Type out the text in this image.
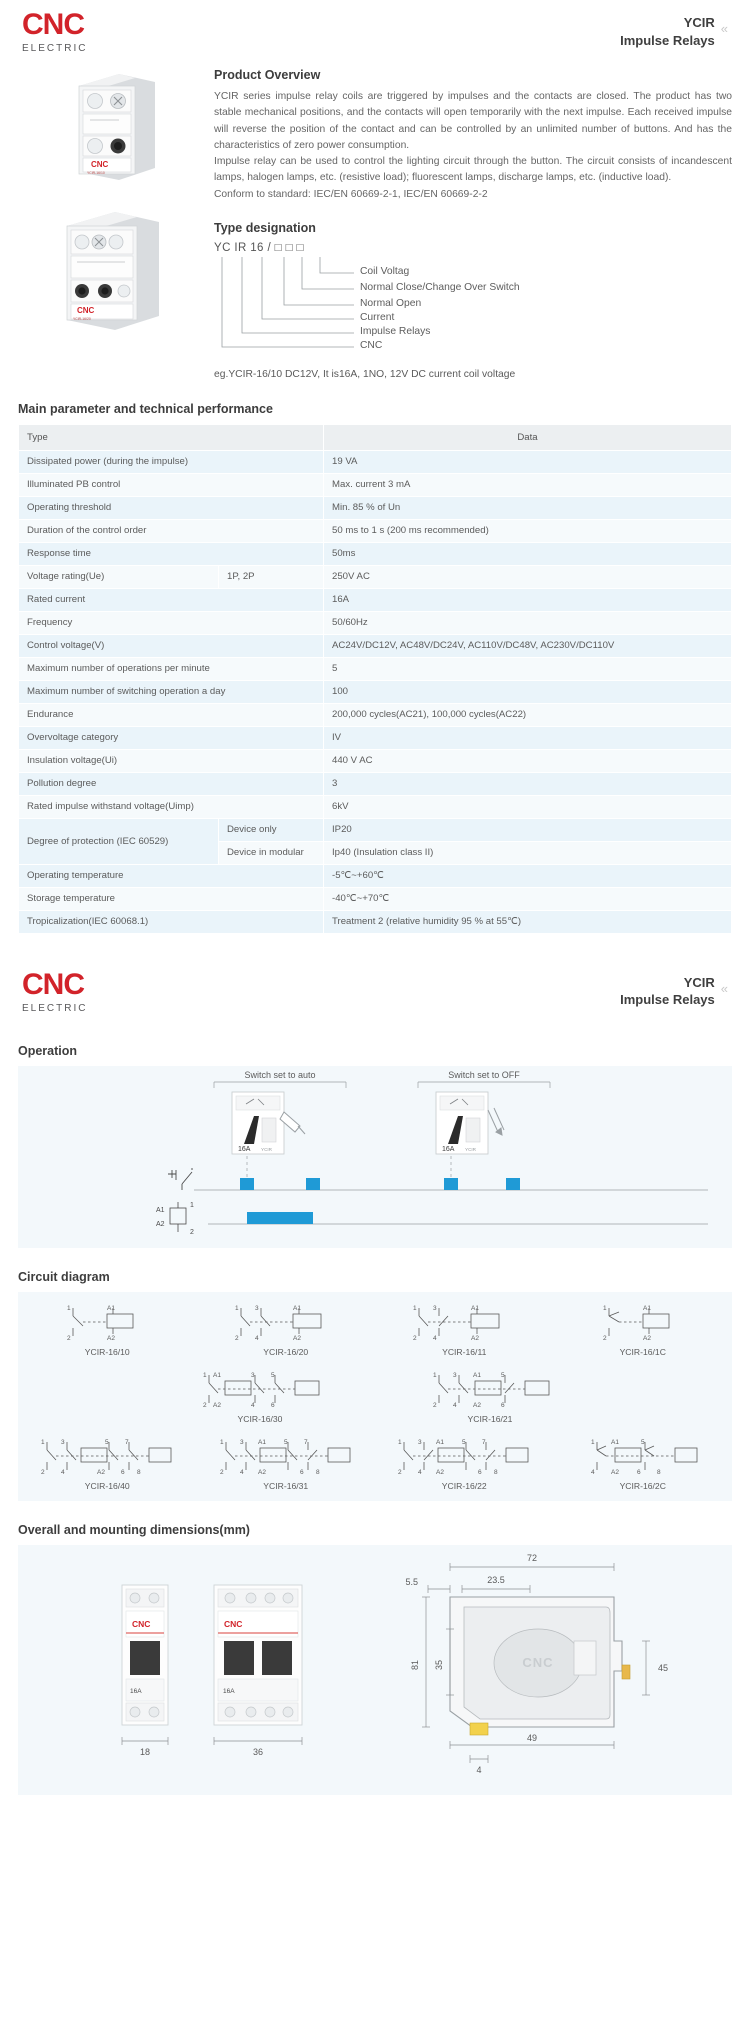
CNC
ELECTRIC
YCIR
Impulse Relays
«
CNC
YCIR-16/10
CNC
YCIR-16/20
Product Overview

YCIR series impulse relay coils are triggered by impulses and the contacts are closed. The product has two stable mechanical positions, and the contacts will open temporarily with the next impulse. Each received impulse will reverse the position of the contact and can be controlled by an unlimited number of buttons. And has the characteristics of zero power consumption.

Impulse relay can be used to control the lighting circuit through the button. The circuit consists of incandescent lamps, halogen lamps, etc. (resistive load); fluorescent lamps, discharge lamps, etc. (inductive load).

Conform to standard: IEC/EN 60669-2-1, IEC/EN 60669-2-2

Type designation
YC IR 16 / □ □ □
Coil Voltag
Normal Close/Change Over Switch
Normal Open
Current
Impulse Relays
CNC
eg.YCIR-16/10 DC12V, It is16A, 1NO, 12V DC current coil voltage
Main parameter and technical performance
Type		Data
Dissipated power (during the impulse)		19 VA
Illuminated PB control		Max. current 3 mA
Operating threshold		Min. 85 % of Un
Duration of the control order		50 ms to 1 s (200 ms recommended)
Response time		50ms
Voltage rating(Ue)	1P, 2P	250V AC
Rated current		16A
Frequency		50/60Hz
Control voltage(V)		AC24V/DC12V, AC48V/DC24V, AC110V/DC48V, AC230V/DC110V
Maximum number of operations per minute		5
Maximum number of switching operation a day		100
Endurance		200,000 cycles(AC21), 100,000 cycles(AC22)
Overvoltage category		IV
Insulation voltage(Ui)		440 V AC
Pollution degree		3
Rated impulse withstand voltage(Uimp)		6kV
Degree of protection (IEC 60529)	Device only	IP20
	Device in modular	Ip40 (Insulation class II)
Operating temperature		-5℃~+60℃
Storage temperature		-40℃~+70℃
Tropicalization(IEC 60068.1)		Treatment 2 (relative humidity 95 % at 55℃)
CNC
ELECTRIC
YCIR
Impulse Relays
«
Operation
Switch set to auto	Switch set to OFF
16A YCIR	16A YCIR
A1
A2
1
2
Circuit diagram
1
2
A1
A2
YCIR-16/10
1	3
2	4
A1
A2
YCIR-16/20
1	3
2	4
A1
A2
YCIR-16/11
1
2
A1
A2
YCIR-16/1C
1 A1	3	5
2 A2	4	6
YCIR-16/30
1	3	A1	5
2	4	A2	6
YCIR-16/21
1	3	5	7
2	4	A2 6 8
YCIR-16/40
1	3 A1	5	7
2	4 A2	6 8
YCIR-16/31
1	3 A1	5	7
2	4 A2	6 8
YCIR-16/22
1	A1	5
4	A2	6	8
YCIR-16/2C
Overall and mounting dimensions(mm)
CNC
16A
18
CNC
16A
36
72
5.5	23.5
CNC
81 35	45
49
4
